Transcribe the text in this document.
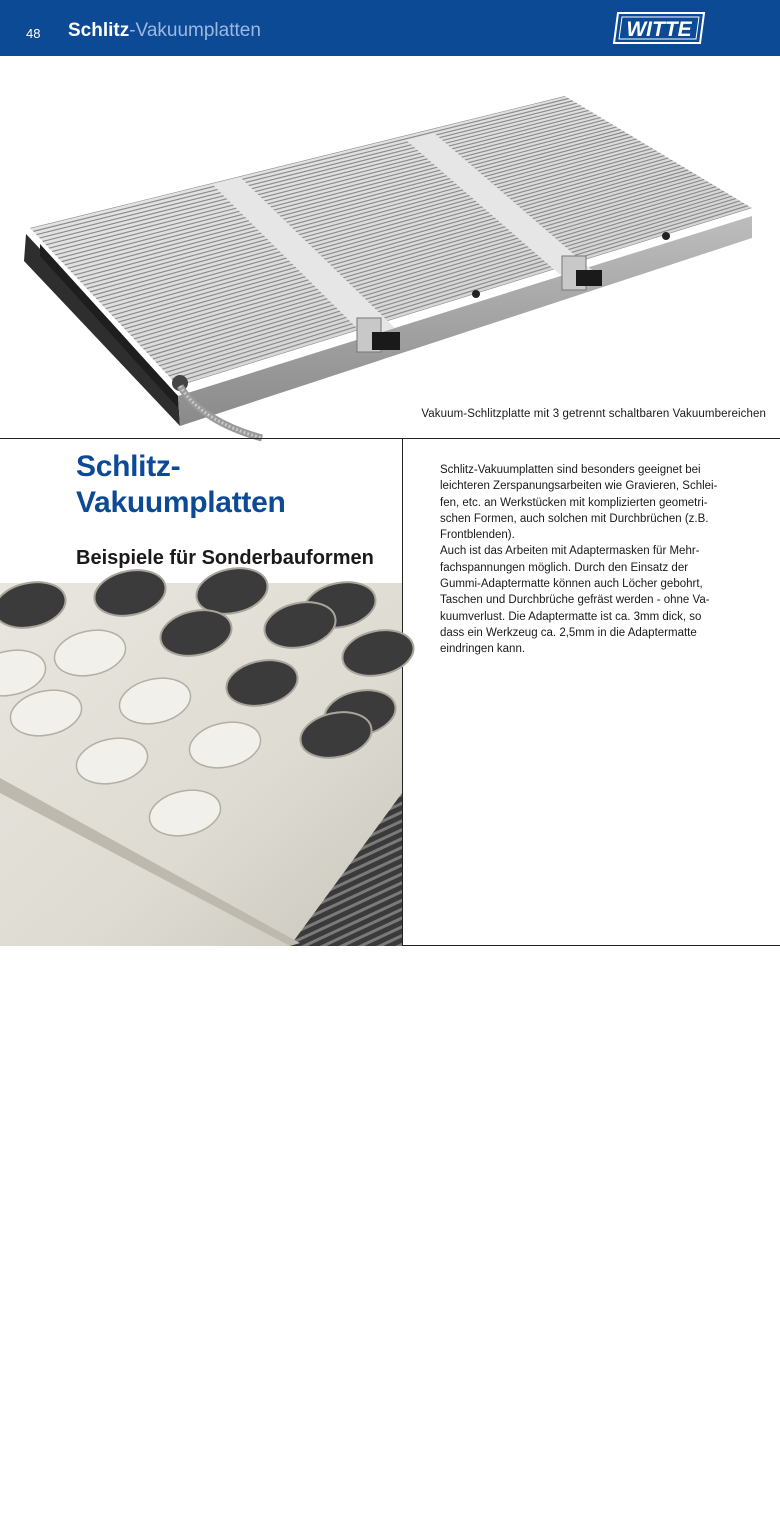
48 Schlitz-Vakuumplatten	WITTE
Vakuum-Schlitzplatte mit 3 getrennt schaltbaren Vakuumbereichen
Schlitz-
Vakuumplatten
Beispiele für Sonderbauformen
Schlitz-Vakuumplatten sind besonders geeignet bei
leichteren Zerspanungsarbeiten wie Gravieren, Schlei-
fen, etc. an Werkstücken mit komplizierten geometri-
schen Formen, auch solchen mit Durchbrüchen (z.B.
Frontblenden).
Auch ist das Arbeiten mit Adaptermasken für Mehr-
fachspannungen möglich. Durch den Einsatz der
Gummi-Adaptermatte können auch Löcher gebohrt,
Taschen und Durchbrüche gefräst werden - ohne Va-
kuumverlust. Die Adaptermatte ist ca. 3mm dick, so
dass ein Werkzeug ca. 2,5mm in die Adaptermatte
eindringen kann.
Vakuum-Schlitzplatte mit werkstückspezifischer
Adaptermaske
